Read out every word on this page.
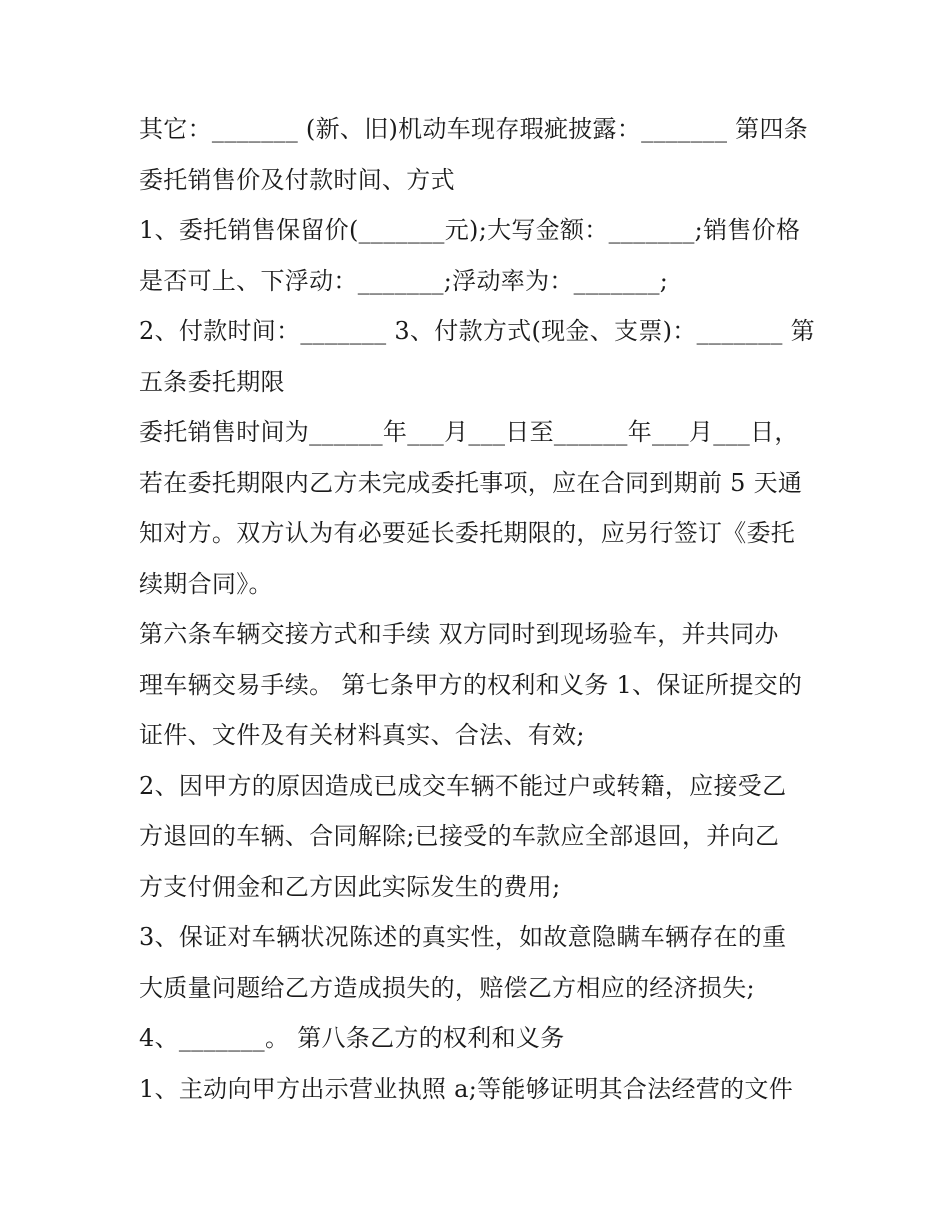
其它：_______ (新、旧)机动车现存瑕疵披露：_______ 第四条
委托销售价及付款时间、方式
1、委托销售保留价(_______元);大写金额：_______;销售价格
是否可上、下浮动：_______;浮动率为：_______;
2、付款时间：_______ 3、付款方式(现金、支票)：_______ 第
五条委托期限
委托销售时间为______年___月___日至______年___月___日，
若在委托期限内乙方未完成委托事项，应在合同到期前 5 天通
知对方。双方认为有必要延长委托期限的，应另行签订《委托
续期合同》。
第六条车辆交接方式和手续 双方同时到现场验车，并共同办
理车辆交易手续。 第七条甲方的权利和义务 1、保证所提交的
证件、文件及有关材料真实、合法、有效;
2、因甲方的原因造成已成交车辆不能过户或转籍，应接受乙
方退回的车辆、合同解除;已接受的车款应全部退回，并向乙
方支付佣金和乙方因此实际发生的费用;
3、保证对车辆状况陈述的真实性，如故意隐瞒车辆存在的重
大质量问题给乙方造成损失的，赔偿乙方相应的经济损失;
4、_______。 第八条乙方的权利和义务
1、主动向甲方出示营业执照 a;等能够证明其合法经营的文件
